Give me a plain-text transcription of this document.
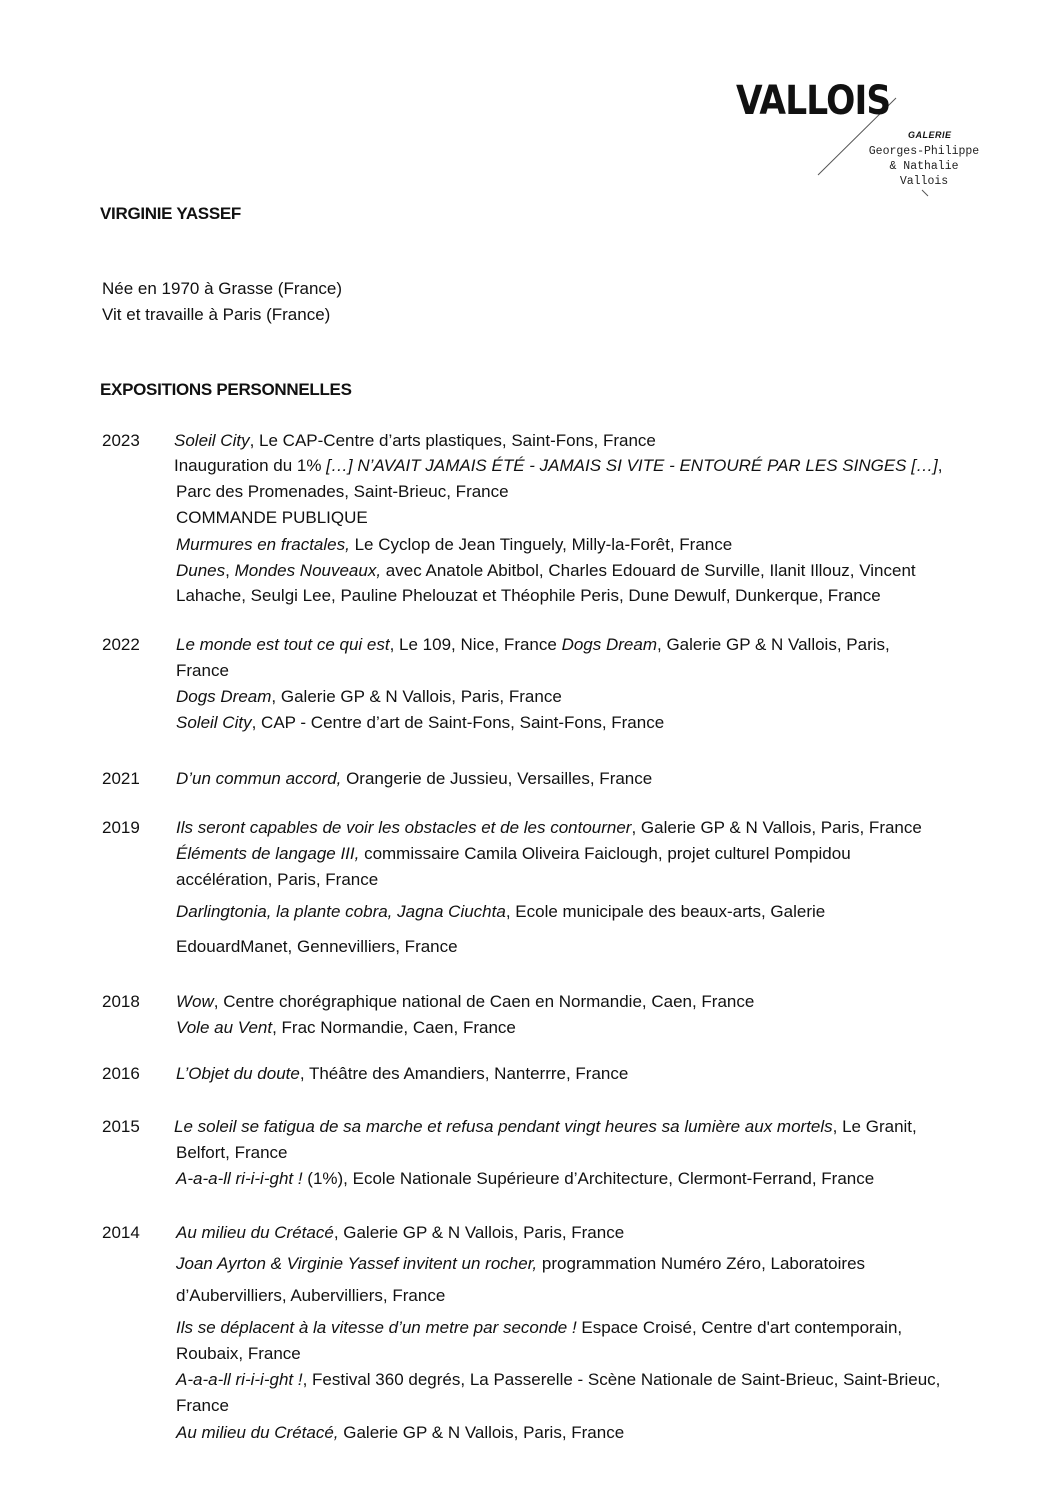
VALLOIS
GALERIE
Georges-Philippe
& Nathalie
Vallois
VIRGINIE YASSEF
Née en 1970 à Grasse (France)
Vit et travaille à Paris (France)
EXPOSITIONS PERSONNELLES
2023 Soleil City, Le CAP-Centre d’arts plastiques, Saint-Fons, France
Inauguration du 1% […] N’AVAIT JAMAIS ÉTÉ - JAMAIS SI VITE - ENTOURÉ PAR LES SINGES […],
Parc des Promenades, Saint-Brieuc, France
COMMANDE PUBLIQUE
Murmures en fractales, Le Cyclop de Jean Tinguely, Milly-la-Forêt, France
Dunes, Mondes Nouveaux, avec Anatole Abitbol, Charles Edouard de Surville, Ilanit Illouz, Vincent
Lahache, Seulgi Lee, Pauline Phelouzat et Théophile Peris, Dune Dewulf, Dunkerque, France
2022 Le monde est tout ce qui est, Le 109, Nice, France Dogs Dream, Galerie GP & N Vallois, Paris,
France
Dogs Dream, Galerie GP & N Vallois, Paris, France
Soleil City, CAP - Centre d’art de Saint-Fons, Saint-Fons, France
2021 D’un commun accord, Orangerie de Jussieu, Versailles, France
2019 Ils seront capables de voir les obstacles et de les contourner, Galerie GP & N Vallois, Paris, France
Éléments de langage III, commissaire Camila Oliveira Faiclough, projet culturel Pompidou
accélération, Paris, France
Darlingtonia, la plante cobra, Jagna Ciuchta, Ecole municipale des beaux-arts, Galerie
EdouardManet, Gennevilliers, France
2018 Wow, Centre chorégraphique national de Caen en Normandie, Caen, France
Vole au Vent, Frac Normandie, Caen, France
2016 L’Objet du doute, Théâtre des Amandiers, Nanterrre, France
2015 Le soleil se fatigua de sa marche et refusa pendant vingt heures sa lumière aux mortels, Le Granit,
Belfort, France
A-a-a-ll ri-i-i-ght ! (1%), Ecole Nationale Supérieure d’Architecture, Clermont-Ferrand, France
2014 Au milieu du Crétacé, Galerie GP & N Vallois, Paris, France
Joan Ayrton & Virginie Yassef invitent un rocher, programmation Numéro Zéro, Laboratoires
d’Aubervilliers, Aubervilliers, France
Ils se déplacent à la vitesse d’un metre par seconde ! Espace Croisé, Centre d'art contemporain,
Roubaix, France
A-a-a-ll ri-i-i-ght !, Festival 360 degrés, La Passerelle - Scène Nationale de Saint-Brieuc, Saint-Brieuc,
France
Au milieu du Crétacé, Galerie GP & N Vallois, Paris, France
